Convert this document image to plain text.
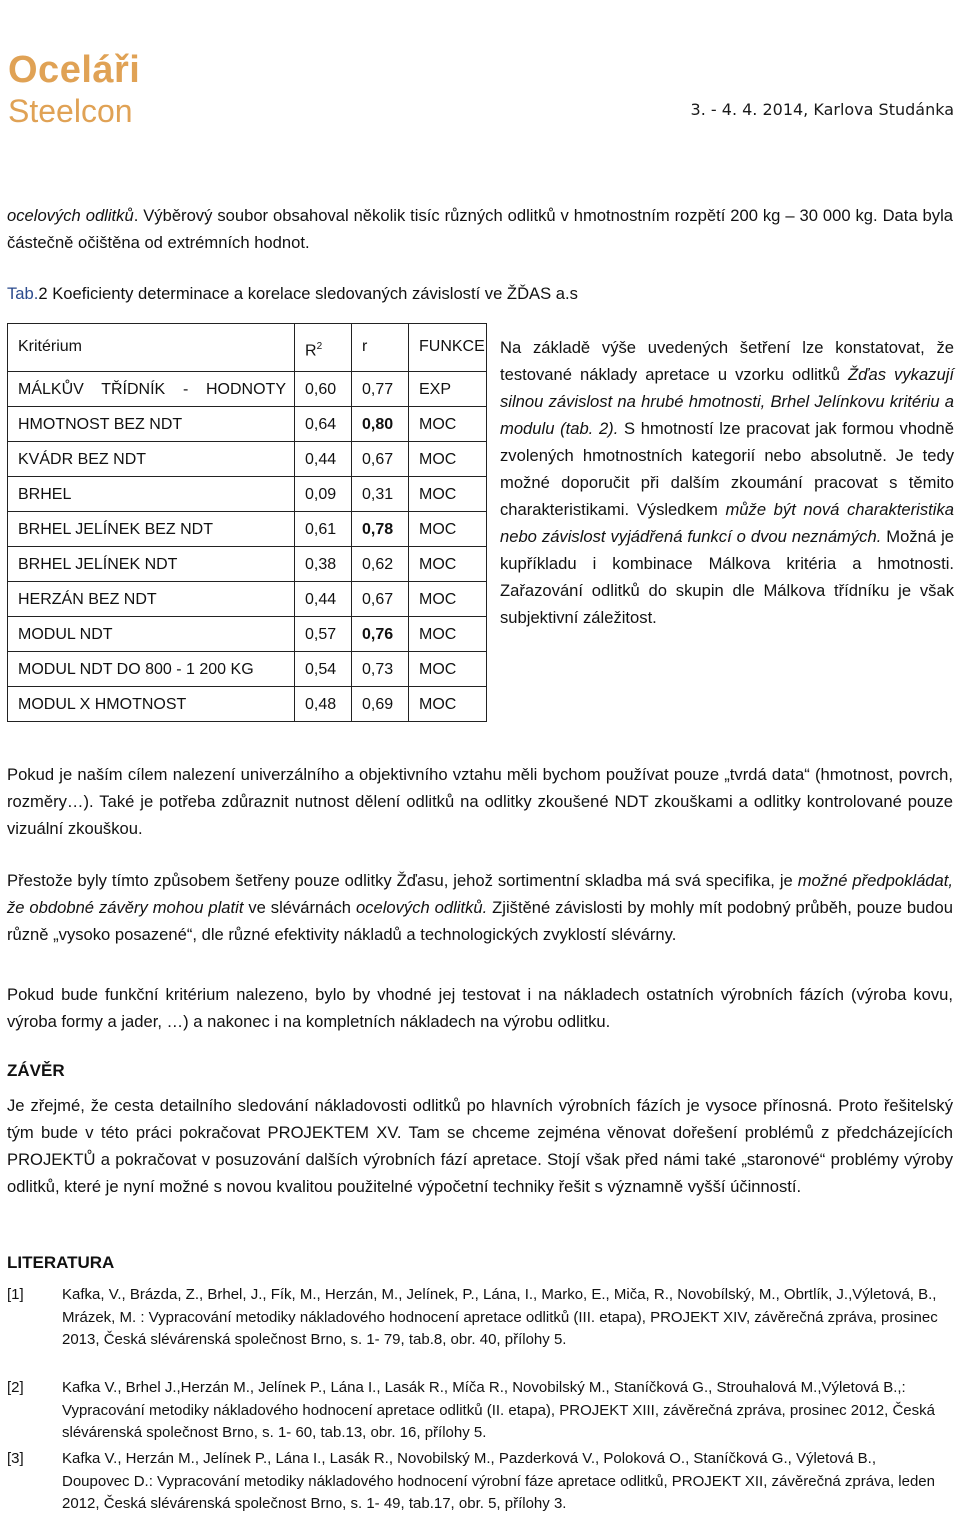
Oceláři
Steelcon	3. - 4. 4. 2014, Karlova Studánka
ocelových odlitků. Výběrový soubor obsahoval několik tisíc různých odlitků v hmotnostním rozpětí 200 kg – 30 000 kg. Data byla částečně očištěna od extrémních hodnot.
Tab.2 Koeficienty determinace a korelace sledovaných závislostí ve ŽĎAS a.s
Kritérium	$R^2$	r	FUNKCE
MÁLKŮV TŘÍDNÍK - HODNOTY	0,60	0,77	EXP
HMOTNOST BEZ NDT	0,64	0,80	MOC
KVÁDR BEZ NDT	0,44	0,67	MOC
BRHEL	0,09	0,31	MOC
BRHEL JELÍNEK BEZ NDT	0,61	0,78	MOC
BRHEL JELÍNEK NDT	0,38	0,62	MOC
HERZÁN BEZ NDT	0,44	0,67	MOC
MODUL NDT	0,57	0,76	MOC
MODUL NDT DO 800 - 1 200 KG	0,54	0,73	MOC
MODUL X HMOTNOST	0,48	0,69	MOC
Na základě výše uvedených šetření lze konstatovat, že testované náklady apretace u vzorku odlitků Žďas vykazují silnou závislost na hrubé hmotnosti, Brhel Jelínkovu kritériu a modulu (tab. 2). S hmotností lze pracovat jak formou vhodně zvolených hmotnostních kategorií nebo absolutně. Je tedy možné doporučit při dalším zkoumání pracovat s těmito charakteristikami. Výsledkem může být nová charakteristika nebo závislost vyjádřená funkcí o dvou neznámých. Možná je kupříkladu i kombinace Málkova kritéria a hmotnosti. Zařazování odlitků do skupin dle Málkova třídníku je však subjektivní záležitost.
Pokud je naším cílem nalezení univerzálního a objektivního vztahu měli bychom používat pouze „tvrdá data“ (hmotnost, povrch, rozměry…). Také je potřeba zdůraznit nutnost dělení odlitků na odlitky zkoušené NDT zkouškami a odlitky kontrolované pouze vizuální zkouškou.
Přestože byly tímto způsobem šetřeny pouze odlitky Žďasu, jehož sortimentní skladba má svá specifika, je možné předpokládat, že obdobné závěry mohou platit ve slévárnách ocelových odlitků. Zjištěné závislosti by mohly mít podobný průběh, pouze budou různě „vysoko posazené“, dle různé efektivity nákladů a technologických zvyklostí slévárny.
Pokud bude funkční kritérium nalezeno, bylo by vhodné jej testovat i na nákladech ostatních výrobních fázích (výroba kovu, výroba formy a jader, …) a nakonec i na kompletních nákladech na výrobu odlitku.
ZÁVĚR
Je zřejmé, že cesta detailního sledování nákladovosti odlitků po hlavních výrobních fázích je vysoce přínosná. Proto řešitelský tým bude v této práci pokračovat PROJEKTEM XV. Tam se chceme zejména věnovat dořešení problémů z předcházejících PROJEKTŮ a pokračovat v posuzování dalších výrobních fází apretace. Stojí však před námi také „staronové“ problémy výroby odlitků, které je nyní možné s novou kvalitou použitelné výpočetní techniky řešit s významně vyšší účinností.
LITERATURA
[1]	Kafka, V., Brázda, Z., Brhel, J., Fík, M., Herzán, M., Jelínek, P., Lána, I., Marko, E., Miča, R., Novobílský, M., Obrtlík, J.,Výletová, B., Mrázek, M. : Vypracování metodiky nákladového hodnocení apretace odlitků (III. etapa), PROJEKT XIV, závěrečná zpráva, prosinec 2013, Česká slévárenská společnost Brno, s. 1- 79, tab.8, obr. 40, přílohy 5.
[2]	Kafka V., Brhel J.,Herzán M., Jelínek P., Lána I., Lasák R., Míča R., Novobilský M., Staníčková G., Strouhalová M.,Výletová B.,: Vypracování metodiky nákladového hodnocení apretace odlitků (II. etapa), PROJEKT XIII, závěrečná zpráva, prosinec 2012, Česká slévárenská společnost Brno, s. 1- 60, tab.13, obr. 16, přílohy 5.
[3]	Kafka V., Herzán M., Jelínek P., Lána I., Lasák R., Novobilský M., Pazderková V., Poloková O., Staníčková G., Výletová B., Doupovec D.: Vypracování metodiky nákladového hodnocení výrobní fáze apretace odlitků, PROJEKT XII, závěrečná zpráva, leden 2012, Česká slévárenská společnost Brno, s. 1- 49, tab.17, obr. 5, přílohy 3.
